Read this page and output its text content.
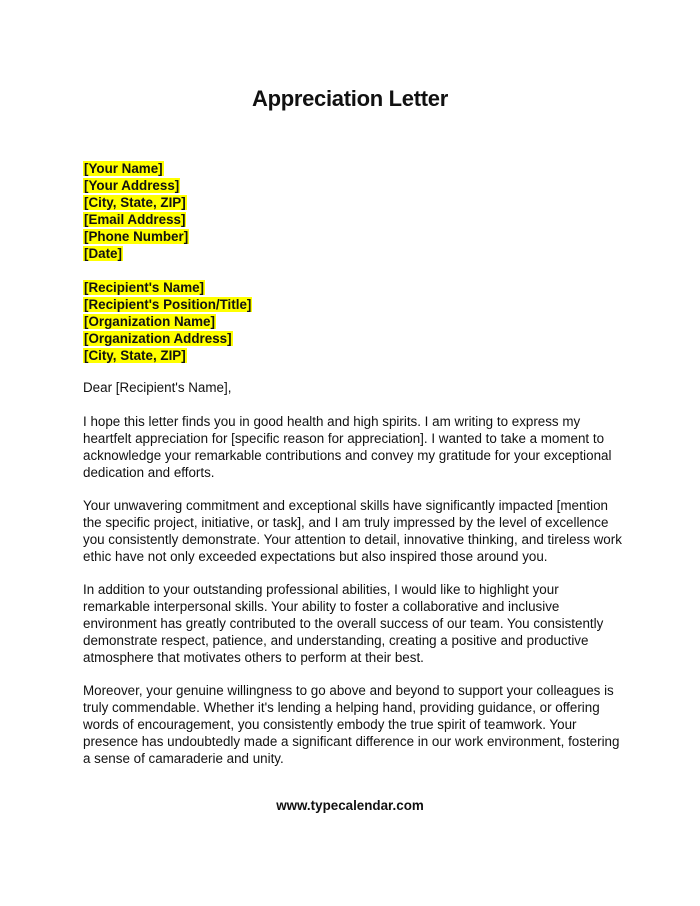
Appreciation Letter
[Your Name]
[Your Address]
[City, State, ZIP]
[Email Address]
[Phone Number]
[Date]
[Recipient's Name]
[Recipient's Position/Title]
[Organization Name]
[Organization Address]
[City, State, ZIP]
Dear [Recipient's Name],

I hope this letter finds you in good health and high spirits. I am writing to express my heartfelt appreciation for [specific reason for appreciation]. I wanted to take a moment to acknowledge your remarkable contributions and convey my gratitude for your exceptional dedication and efforts.

Your unwavering commitment and exceptional skills have significantly impacted [mention the specific project, initiative, or task], and I am truly impressed by the level of excellence you consistently demonstrate. Your attention to detail, innovative thinking, and tireless work ethic have not only exceeded expectations but also inspired those around you.

In addition to your outstanding professional abilities, I would like to highlight your remarkable interpersonal skills. Your ability to foster a collaborative and inclusive environment has greatly contributed to the overall success of our team. You consistently demonstrate respect, patience, and understanding, creating a positive and productive atmosphere that motivates others to perform at their best.

Moreover, your genuine willingness to go above and beyond to support your colleagues is truly commendable. Whether it's lending a helping hand, providing guidance, or offering words of encouragement, you consistently embody the true spirit of teamwork. Your presence has undoubtedly made a significant difference in our work environment, fostering a sense of camaraderie and unity.

www.typecalendar.com
